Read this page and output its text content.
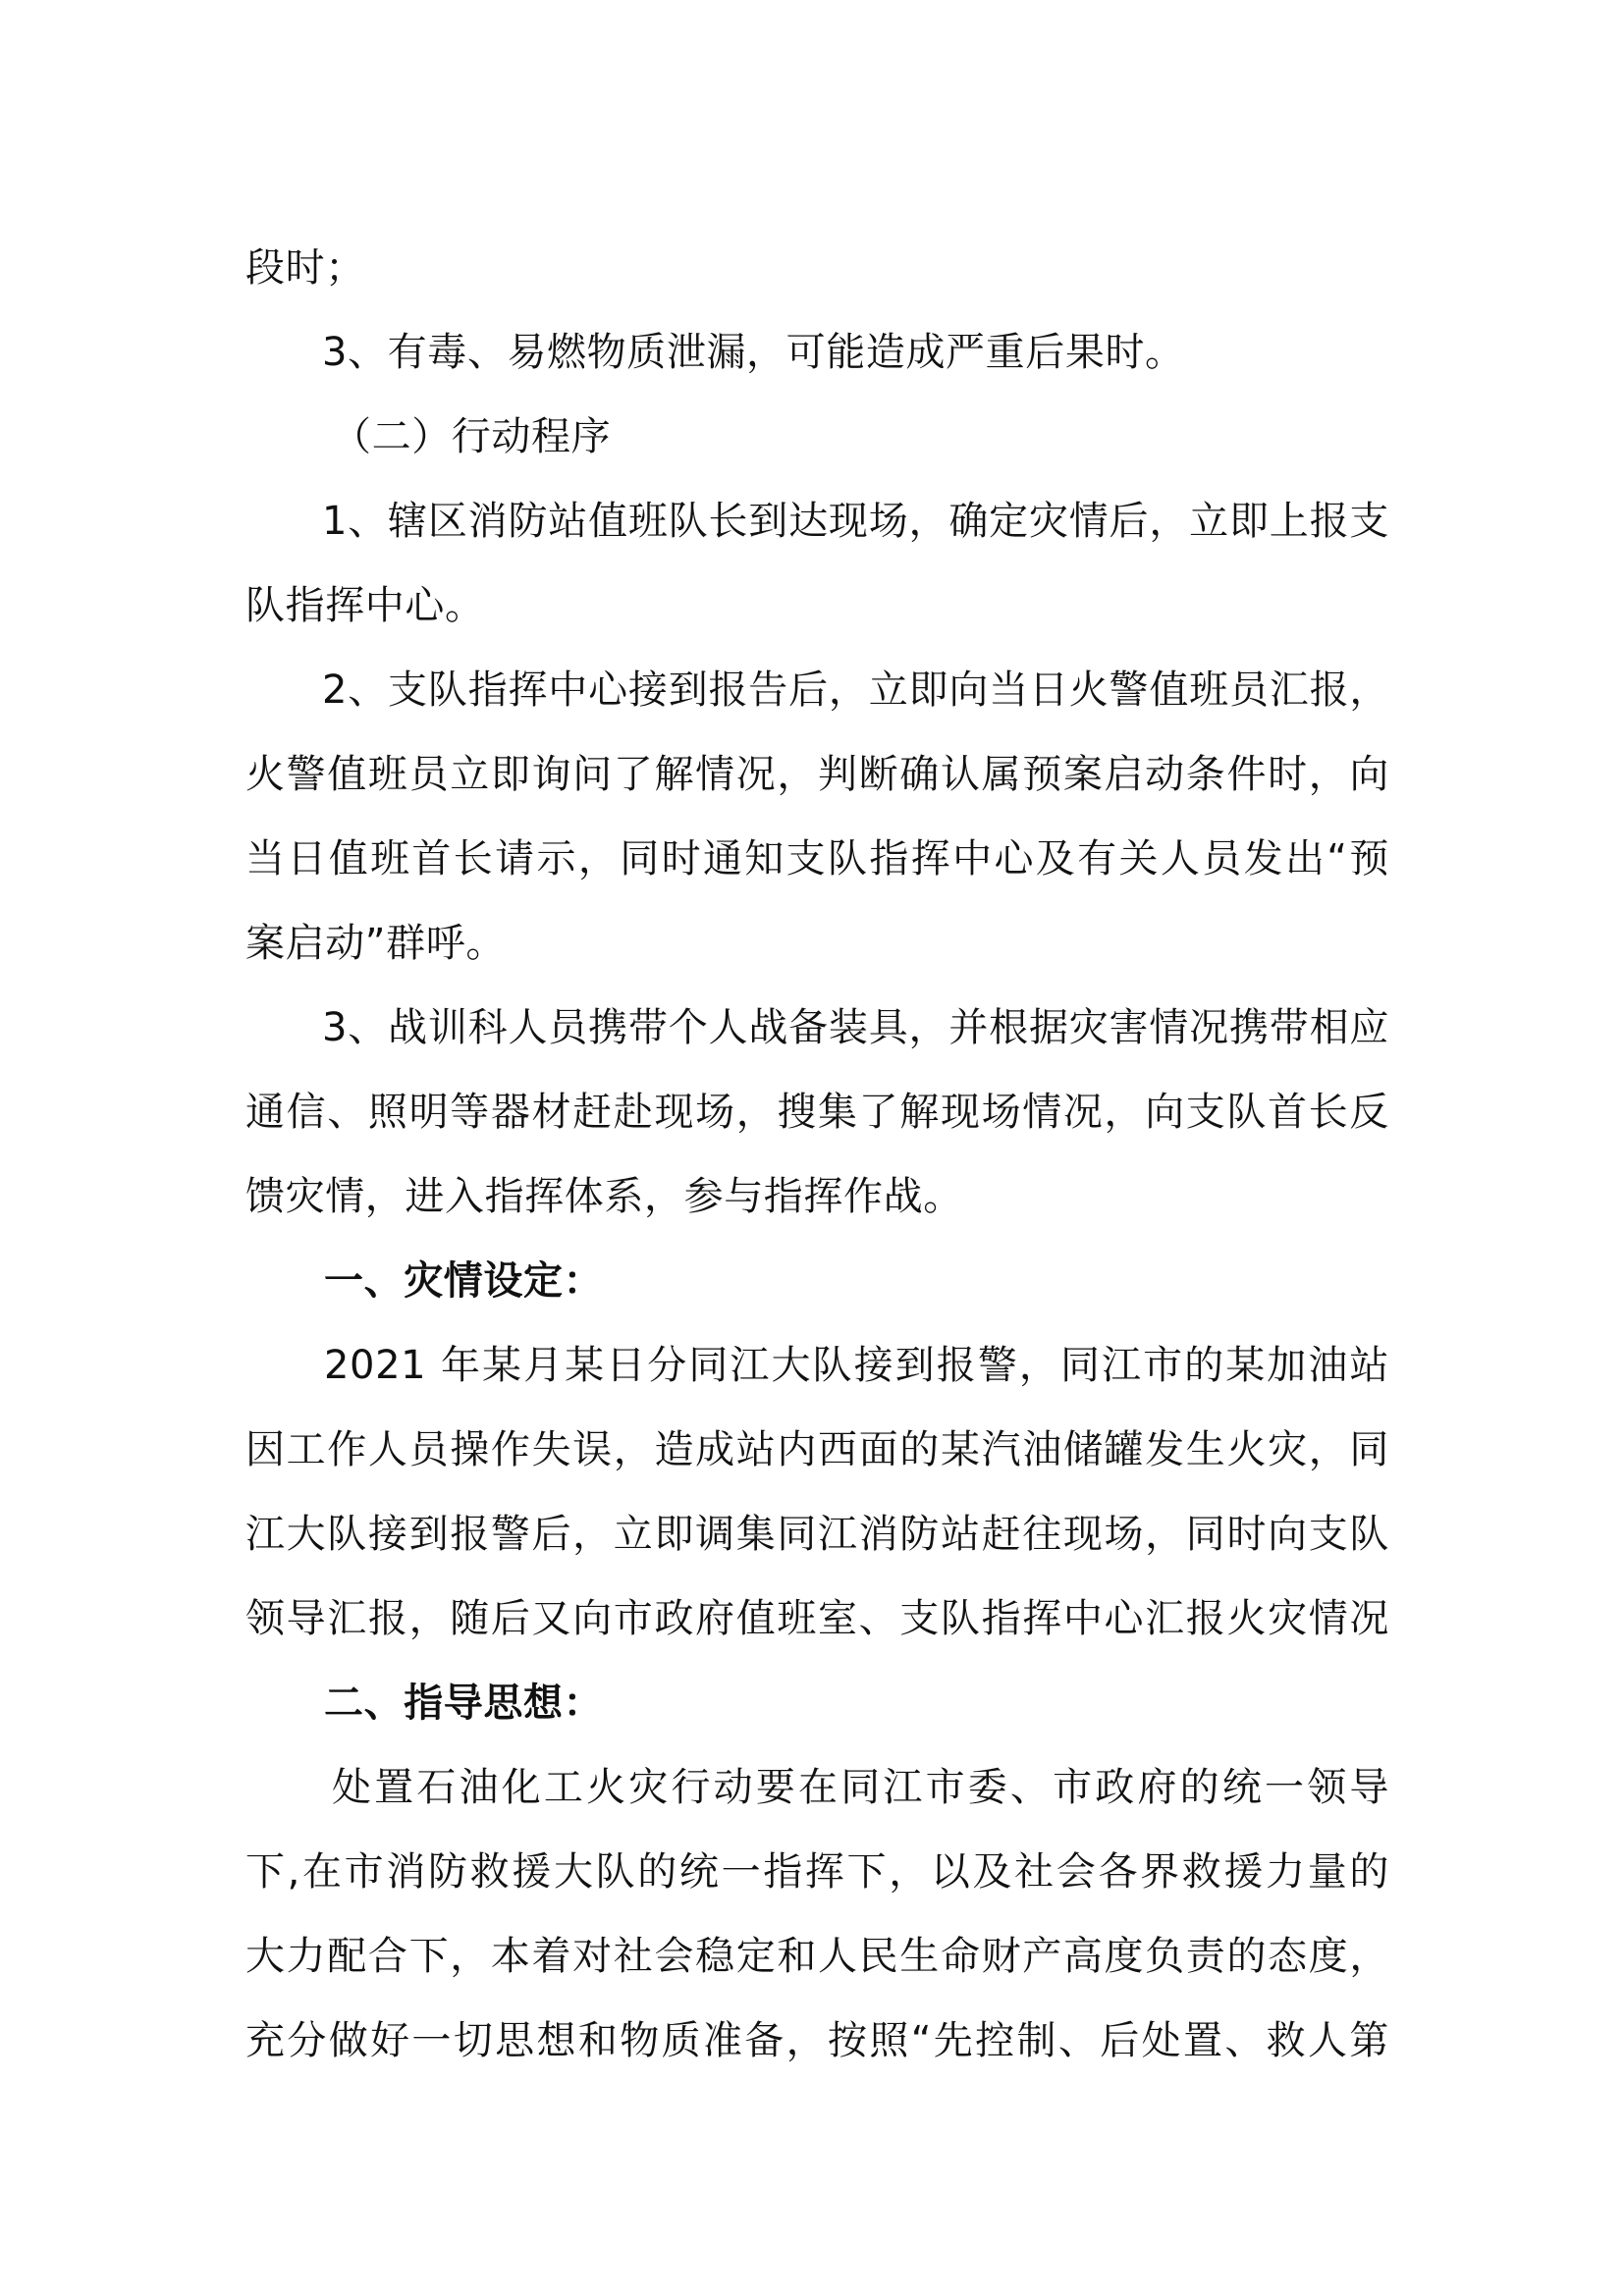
段时；
3、有毒、易燃物质泄漏，可能造成严重后果时。
（二）行动程序
1、辖区消防站值班队长到达现场，确定灾情后，立即上报支
队指挥中心。
2、支队指挥中心接到报告后，立即向当日火警值班员汇报，
火警值班员立即询问了解情况，判断确认属预案启动条件时，向
当日值班首长请示，同时通知支队指挥中心及有关人员发出“预
案启动”群呼。
3、战训科人员携带个人战备装具，并根据灾害情况携带相应
通信、照明等器材赶赴现场，搜集了解现场情况，向支队首长反
馈灾情，进入指挥体系，参与指挥作战。
一、灾情设定：
2021 年某月某日分同江大队接到报警，同江市的某加油站
因工作人员操作失误，造成站内西面的某汽油储罐发生火灾，同
江大队接到报警后，立即调集同江消防站赶往现场，同时向支队
领导汇报，随后又向市政府值班室、支队指挥中心汇报火灾情况
二、指导思想：
处置石油化工火灾行动要在同江市委、市政府的统一领导
下,在市消防救援大队的统一指挥下，以及社会各界救援力量的
大力配合下，本着对社会稳定和人民生命财产高度负责的态度，
充分做好一切思想和物质准备，按照“先控制、后处置、救人第
